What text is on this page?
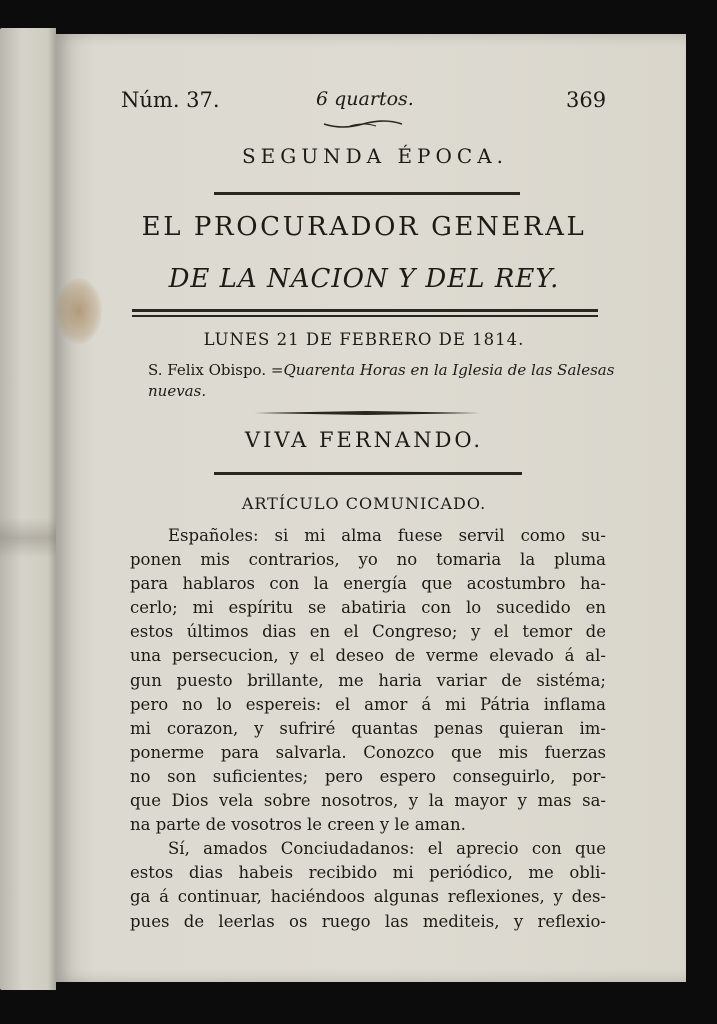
Núm. 37.	6 quartos.	369
SEGUNDA ÉPOCA.
EL PROCURADOR GENERAL
DE LA NACION Y DEL REY.
LUNES 21 DE FEBRERO DE 1814.
S. Felix Obispo. =Quarenta Horas en la Iglesia de las Salesas nuevas.
VIVA FERNANDO.
ARTÍCULO COMUNICADO.
Españoles: si mi alma fuese servil como su-
ponen mis contrarios, yo no tomaria la pluma
para hablaros con la energía que acostumbro ha-
cerlo; mi espíritu se abatiria con lo sucedido en
estos últimos dias en el Congreso; y el temor de
una persecucion, y el deseo de verme elevado á al-
gun puesto brillante, me haria variar de sistéma;
pero no lo espereis: el amor á mi Pátria inflama
mi corazon, y sufriré quantas penas quieran im-
ponerme para salvarla. Conozco que mis fuerzas
no son suficientes; pero espero conseguirlo, por-
que Dios vela sobre nosotros, y la mayor y mas sa-
na parte de vosotros le creen y le aman.
Sí, amados Conciudadanos: el aprecio con que
estos dias habeis recibido mi periódico, me obli-
ga á continuar, haciéndoos algunas reflexiones, y des-
pues de leerlas os ruego las mediteis, y reflexio-
